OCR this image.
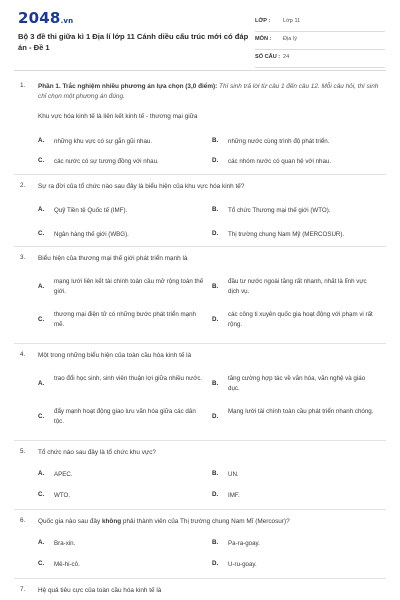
2048.vn
Bộ 3 đề thi giữa kì 1 Địa lí lớp 11 Cánh diều cấu trúc mới có đáp án - Đề 1
LỚP : Lớp 11
MÔN : Địa lý
SỐ CÂU : 24
1. Phần 1. Trắc nghiệm nhiều phương án lựa chọn (3,0 điểm): Thí sinh trả lời từ câu 1 đến câu 12. Mỗi câu hỏi, thí sinh chỉ chọn một phương án đúng.
Khu vực hóa kinh tế là liên kết kinh tế - thương mại giữa
A. những khu vực có sự gắn gũi nhau.	B. những nước cùng trình độ phát triển.
C. các nước có sự tương đồng với nhau.	D. các nhóm nước có quan hệ với nhau.
2. Sự ra đời của tổ chức nào sau đây là biểu hiện của khu vực hóa kinh tế?
A. Quỹ Tiền tệ Quốc tế (IMF).	B. Tổ chức Thương mại thế giới (WTO).
C. Ngân hàng thế giới (WBG).	D. Thị trường chung Nam Mỹ (MERCOSUR).
3. Biểu hiện của thương mại thế giới phát triển mạnh là
A.
mạng lưới liên kết tài chính toàn cầu mở rộng toàn thế giới.
B.
đầu tư nước ngoài tăng rất nhanh, nhất là lĩnh vực dịch vụ.
C.
thương mại điện tử có những bước phát triển mạnh mẽ.
D.
các công ti xuyên quốc gia hoạt động với phạm vi rất rộng.
4. Một trong những biểu hiện của toàn cầu hóa kinh tế là
A.
trao đổi học sinh, sinh viên thuận lợi giữa nhiều nước.
B.
tăng cường hợp tác về văn hóa, văn nghệ và giáo dục.
C.
đẩy mạnh hoạt động giao lưu văn hóa giữa các dân tộc.
D.
Mạng lưới tài chính toàn cầu phát triển nhanh chóng.
5. Tổ chức nào sau đây là tổ chức khu vực?
A. APEC.	B. UN.
C. WTO.	D. IMF.
6. Quốc gia nào sau đây không phải thành viên của Thị trường chung Nam Mĩ (Mercosur)?
A. Bra-xin.	B. Pa-ra-goay.
C. Mê-hi-cô.	D. U-ru-goay.
7. Hệ quả tiêu cực của toàn cầu hóa kinh tế là
